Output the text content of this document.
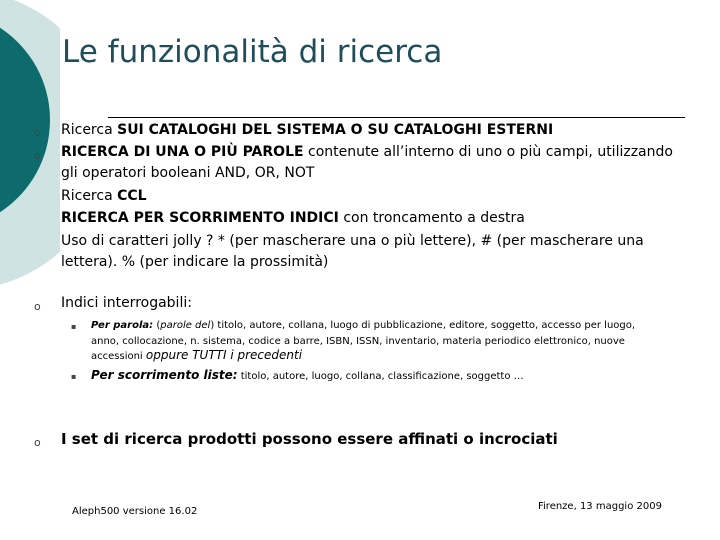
Le funzionalità di ricerca
o
o
Ricerca SUI CATALOGHI DEL SISTEMA O SU CATALOGHI ESTERNI
RICERCA DI UNA O PIÙ PAROLE contenute all’interno di uno o più campi, utilizzando
gli operatori booleani AND, OR, NOT
Ricerca CCL
RICERCA PER SCORRIMENTO INDICI con troncamento a destra
Uso di caratteri jolly ? * (per mascherare una o più lettere), # (per mascherare una
lettera). % (per indicare la prossimità)
o Indici interrogabili:
▪ Per parola: (parole del) titolo, autore, collana, luogo di pubblicazione, editore, soggetto, accesso per luogo,
anno, collocazione, n. sistema, codice a barre, ISBN, ISSN, inventario, materia periodico elettronico, nuove
accessioni oppure TUTTI i precedenti
▪ Per scorrimento liste: titolo, autore, luogo, collana, classificazione, soggetto …
o I set di ricerca prodotti possono essere affinati o incrociati
Aleph500 versione 16.02	Firenze, 13 maggio 2009
